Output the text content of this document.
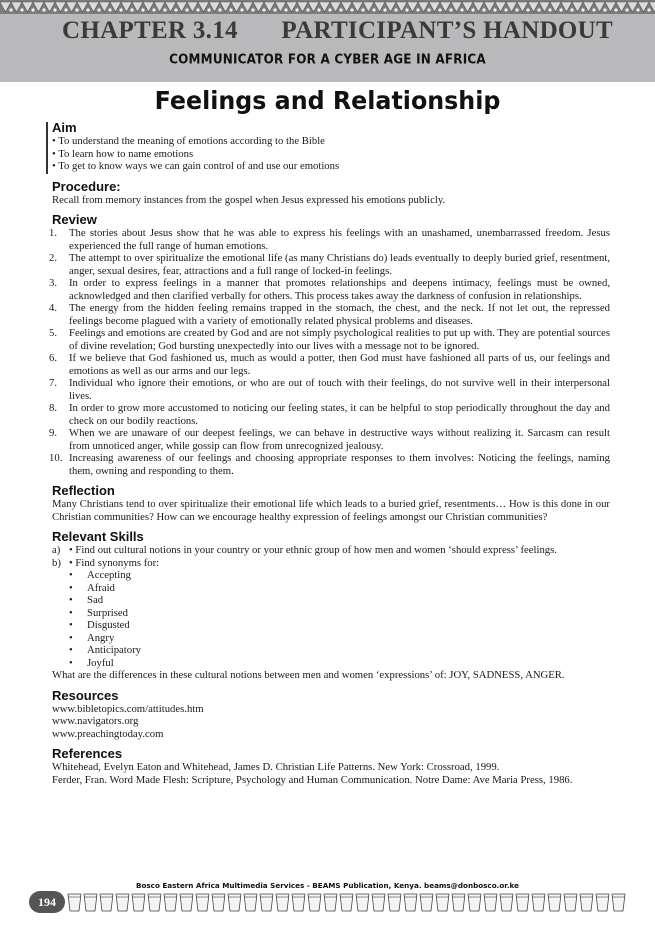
CHAPTER 3.14 PARTICIPANT’S HANDOUT
COMMUNICATOR FOR A CYBER AGE IN AFRICA
Feelings and Relationship
Aim
• To understand the meaning of emotions according to the Bible
• To learn how to name emotions
• To get to know ways we can gain control of and use our emotions
Procedure:

Recall from memory instances from the gospel when Jesus expressed his emotions publicly.

Review
1. The stories about Jesus show that he was able to express his feelings with an unashamed, unembarrassed freedom. Jesus experienced the full range of human emotions.
2. The attempt to over spiritualize the emotional life (as many Christians do) leads eventually to deeply buried grief, resentment, anger, sexual desires, fear, attractions and a full range of locked-in feelings.
3. In order to express feelings in a manner that promotes relationships and deepens intimacy, feelings must be owned, acknowledged and then clarified verbally for others. This process takes away the darkness of confusion in relationships.
4. The energy from the hidden feeling remains trapped in the stomach, the chest, and the neck. If not let out, the repressed feelings become plagued with a variety of emotionally related physical problems and diseases.
5. Feelings and emotions are created by God and are not simply psychological realities to put up with. They are potential sources of divine revelation; God bursting unexpectedly into our lives with a message not to be ignored.
6. If we believe that God fashioned us, much as would a potter, then God must have fashioned all parts of us, our feelings and emotions as well as our arms and our legs.
7. Individual who ignore their emotions, or who are out of touch with their feelings, do not survive well in their interpersonal lives.
8. In order to grow more accustomed to noticing our feeling states, it can be helpful to stop periodically throughout the day and check on our bodily reactions.
9. When we are unaware of our deepest feelings, we can behave in destructive ways without realizing it. Sarcasm can result from unnoticed anger, while gossip can flow from unrecognized jealousy.
10. Increasing awareness of our feelings and choosing appropriate responses to them involves: Noticing the feelings, naming them, owning and responding to them.
Reflection

Many Christians tend to over spiritualize their emotional life which leads to a buried grief, resentments… How is this done in our Christian communities? How can we encourage healthy expression of feelings amongst our Christian communities?

Relevant Skills
• a) Find out cultural notions in your country or your ethnic group of how men and women ‘should express’ feelings.
• b) Find synonyms for:
• Accepting
• Afraid
• Sad
• Surprised
• Disgusted
• Angry
• Anticipatory
• Joyful

What are the differences in these cultural notions between men and women ‘expressions’ of: JOY, SADNESS, ANGER.

Resources
www.bibletopics.com/attitudes.htm
www.navigators.org
www.preachingtoday.com
References
Whitehead, Evelyn Eaton and Whitehead, James D. Christian Life Patterns. New York: Crossroad, 1999.
Ferder, Fran. Word Made Flesh: Scripture, Psychology and Human Communication. Notre Dame: Ave Maria Press, 1986.
Bosco Eastern Africa Multimedia Services - BEAMS Publication, Kenya. beams@donbosco.or.ke
194
